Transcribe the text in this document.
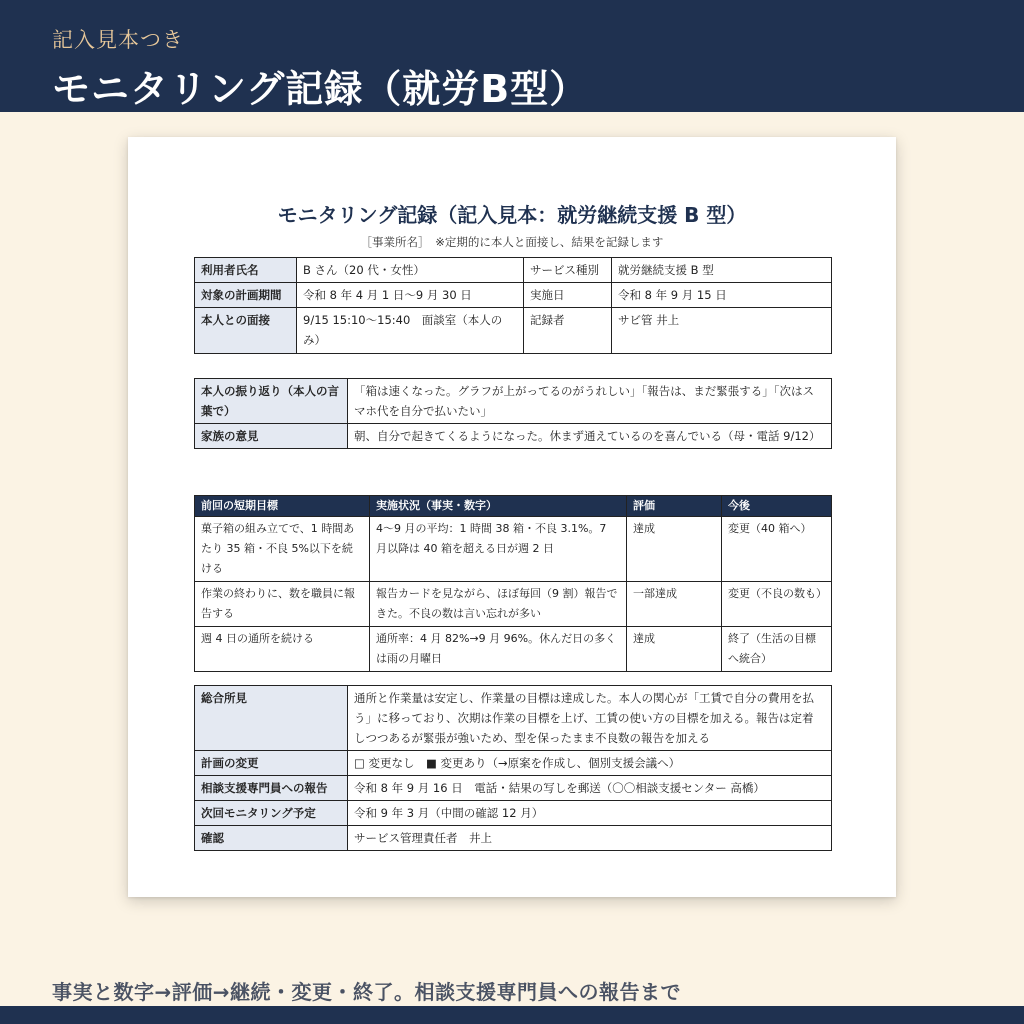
記入見本つき
モニタリング記録（就労B型）
モニタリング記録（記入見本：就労継続支援 B 型）
［事業所名］　※定期的に本人と面接し、結果を記録します
利用者氏名	B さん（20 代・女性）	サービス種別	就労継続支援 B 型
対象の計画期間	令和 8 年 4 月 1 日〜9 月 30 日	実施日	令和 8 年 9 月 15 日
本人との面接	9/15 15:10〜15:40　面談室（本人のみ）	記録者	サビ管 井上
本人の振り返り（本人の言葉で）	「箱は速くなった。グラフが上がってるのがうれしい」「報告は、まだ緊張する」「次はスマホ代を自分で払いたい」
家族の意見	朝、自分で起きてくるようになった。休まず通えているのを喜んでいる（母・電話 9/12）
前回の短期目標	実施状況（事実・数字）	評価	今後
菓子箱の組み立てで、1 時間あたり 35 箱・不良 5%以下を続ける	4〜9 月の平均：1 時間 38 箱・不良 3.1%。7 月以降は 40 箱を超える日が週 2 日	達成	変更（40 箱へ）
作業の終わりに、数を職員に報告する	報告カードを見ながら、ほぼ毎回（9 割）報告できた。不良の数は言い忘れが多い	一部達成	変更（不良の数も）
週 4 日の通所を続ける	通所率：4 月 82%→9 月 96%。休んだ日の多くは雨の月曜日	達成	終了（生活の目標へ統合）
総合所見	通所と作業量は安定し、作業量の目標は達成した。本人の関心が「工賃で自分の費用を払う」に移っており、次期は作業の目標を上げ、工賃の使い方の目標を加える。報告は定着しつつあるが緊張が強いため、型を保ったまま不良数の報告を加える
計画の変更	□ 変更なし　■ 変更あり（→原案を作成し、個別支援会議へ）
相談支援専門員への報告	令和 8 年 9 月 16 日　電話・結果の写しを郵送（〇〇相談支援センター 高橋）
次回モニタリング予定	令和 9 年 3 月（中間の確認 12 月）
確認	サービス管理責任者　井上
事実と数字→評価→継続・変更・終了。相談支援専門員への報告まで
